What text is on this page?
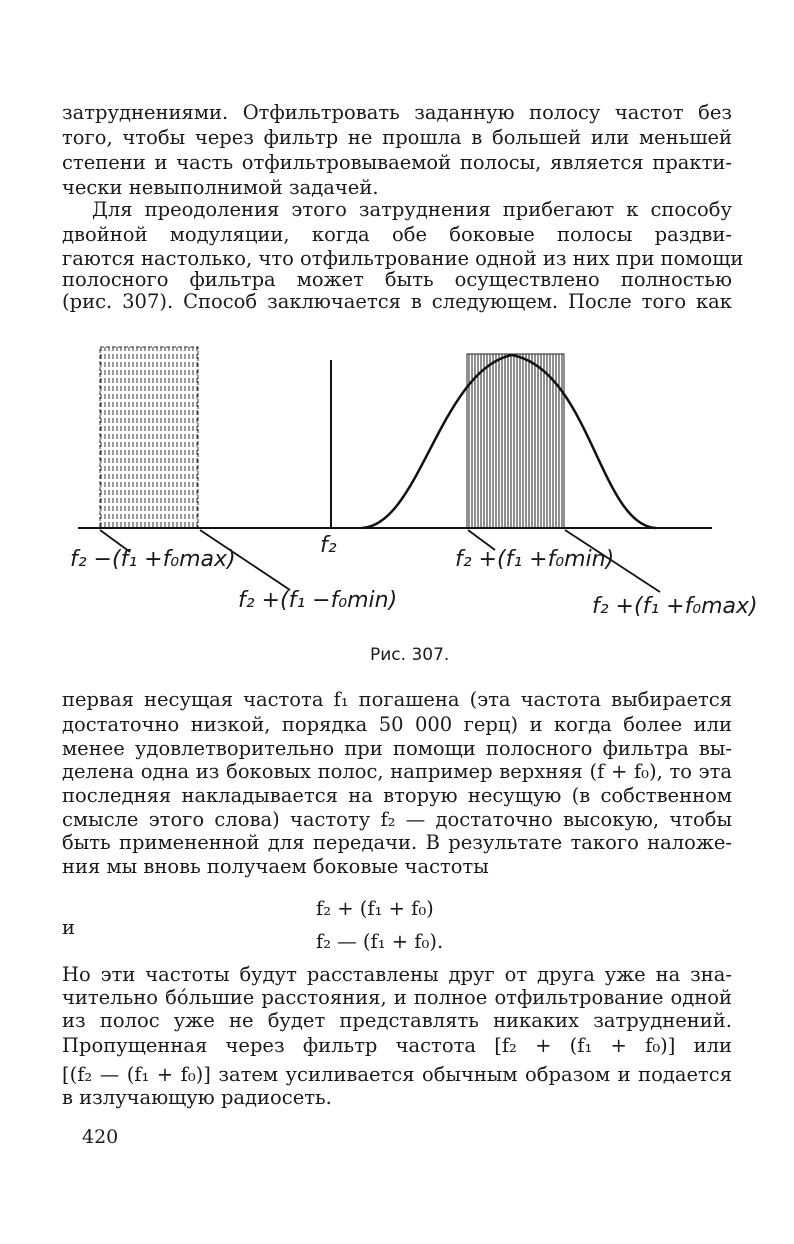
затруднениями. Отфильтровать заданную полосу частот без
того, чтобы через фильтр не прошла в большей или меньшей
степени и часть отфильтровываемой полосы, является практи-
чески невыполнимой задачей.
Для преодоления этого затруднения прибегают к способу
двойной модуляции, когда обе боковые полосы раздви-
гаются настолько, что отфильтрование одной из них при помощи
полосного фильтра может быть осуществлено полностью
(рис. 307). Способ заключается в следующем. После того как
f₂ −(f₁ +f₀max)
f₂ +(f₁ −f₀min)
f₂
f₂ +(f₁ +f₀min)
f₂ +(f₁ +f₀max)
Рис. 307.
первая несущая частота f₁ погашена (эта частота выбирается
достаточно низкой, порядка 50 000 герц) и когда более или
менее удовлетворительно при помощи полосного фильтра вы-
делена одна из боковых полос, например верхняя (f + f₀), то эта
последняя накладывается на вторую несущую (в собственном
смысле этого слова) частоту f₂ — достаточно высокую, чтобы
быть примененной для передачи. В результате такого наложе-
ния мы вновь получаем боковые частоты
f₂ + (f₁ + f₀)
и
f₂ — (f₁ + f₀).
Но эти частоты будут расставлены друг от друга уже на зна-
чительно бо́льшие расстояния, и полное отфильтрование одной
из полос уже не будет представлять никаких затруднений.
Пропущенная через фильтр частота [f₂ + (f₁ + f₀)] или
[(f₂ — (f₁ + f₀)] затем усиливается обычным образом и подается
в излучающую радиосеть.
420
